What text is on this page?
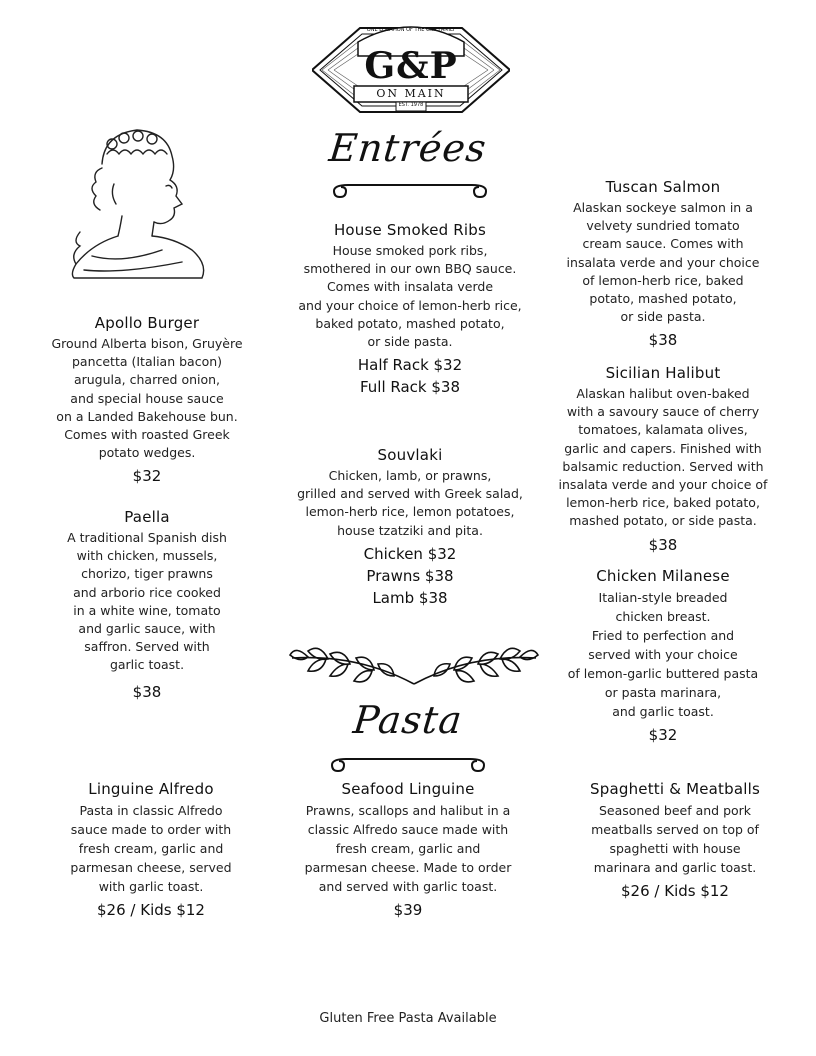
ONE LOCATION OF THE G&P FAMILY
G&P
ON MAIN
EST. 1978
Entrées
House Smoked Ribs
House smoked pork ribs,
smothered in our own BBQ sauce.
Comes with insalata verde
and your choice of lemon-herb rice,
baked potato, mashed potato,
or side pasta.
Half Rack $32
Full Rack $38
Tuscan Salmon
Alaskan sockeye salmon in a
velvety sundried tomato
cream sauce. Comes with
insalata verde and your choice
of lemon-herb rice, baked
potato, mashed potato,
or side pasta.
$38
Apollo Burger
Ground Alberta bison, Gruyère
pancetta (Italian bacon)
arugula, charred onion,
and special house sauce
on a Landed Bakehouse bun.
Comes with roasted Greek
potato wedges.
$32
Sicilian Halibut
Alaskan halibut oven-baked
with a savoury sauce of cherry
tomatoes, kalamata olives,
garlic and capers. Finished with
balsamic reduction. Served with
insalata verde and your choice of
lemon-herb rice, baked potato,
mashed potato, or side pasta.
$38
Souvlaki
Chicken, lamb, or prawns,
grilled and served with Greek salad,
lemon-herb rice, lemon potatoes,
house tzatziki and pita.
Chicken $32
Prawns $38
Lamb $38
Paella
A traditional Spanish dish
with chicken, mussels,
chorizo, tiger prawns
and arborio rice cooked
in a white wine, tomato
and garlic sauce, with
saffron. Served with
garlic toast.
$38
Chicken Milanese
Italian-style breaded
chicken breast.
Fried to perfection and
served with your choice
of lemon-garlic buttered pasta
or pasta marinara,
and garlic toast.
$32
Pasta
Linguine Alfredo
Pasta in classic Alfredo
sauce made to order with
fresh cream, garlic and
parmesan cheese, served
with garlic toast.
$26 / Kids $12
Seafood Linguine
Prawns, scallops and halibut in a
classic Alfredo sauce made with
fresh cream, garlic and
parmesan cheese. Made to order
and served with garlic toast.
$39
Spaghetti & Meatballs
Seasoned beef and pork
meatballs served on top of
spaghetti with house
marinara and garlic toast.
$26 / Kids $12
Gluten Free Pasta Available
